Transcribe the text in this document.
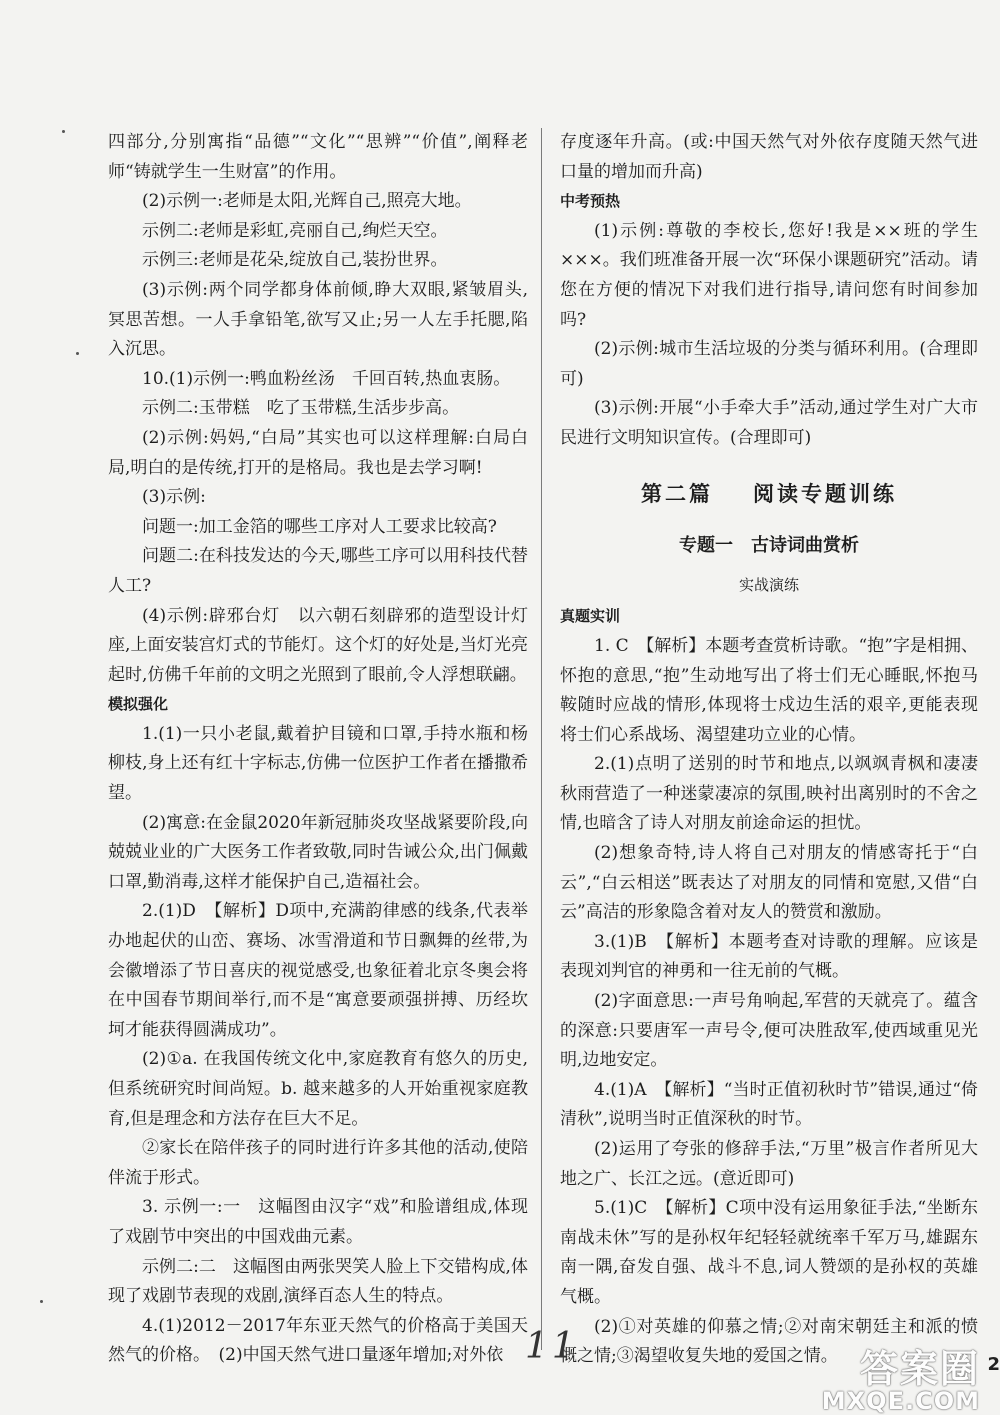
四部分,分别寓指“品德”“文化”“思辨”“价值”,阐释老师“铸就学生一生财富”的作用。

(2)示例一:老师是太阳,光辉自己,照亮大地。

示例二:老师是彩虹,亮丽自己,绚烂天空。

示例三:老师是花朵,绽放自己,装扮世界。

(3)示例:两个同学都身体前倾,睁大双眼,紧皱眉头,冥思苦想。一人手拿铅笔,欲写又止;另一人左手托腮,陷入沉思。

10.(1)示例一:鸭血粉丝汤　千回百转,热血衷肠。

示例二:玉带糕　吃了玉带糕,生活步步高。

(2)示例:妈妈,“白局”其实也可以这样理解:白局白局,明白的是传统,打开的是格局。我也是去学习啊!

(3)示例:

问题一:加工金箔的哪些工序对人工要求比较高?

问题二:在科技发达的今天,哪些工序可以用科技代替人工?

(4)示例:辟邪台灯　以六朝石刻辟邪的造型设计灯座,上面安装宫灯式的节能灯。这个灯的好处是,当灯光亮起时,仿佛千年前的文明之光照到了眼前,令人浮想联翩。

模拟强化

1.(1)一只小老鼠,戴着护目镜和口罩,手持水瓶和杨柳枝,身上还有红十字标志,仿佛一位医护工作者在播撒希望。

(2)寓意:在金鼠2020年新冠肺炎攻坚战紧要阶段,向兢兢业业的广大医务工作者致敬,同时告诫公众,出门佩戴口罩,勤消毒,这样才能保护自己,造福社会。

2.(1)D　【解析】D项中,充满韵律感的线条,代表举办地起伏的山峦、赛场、冰雪滑道和节日飘舞的丝带,为会徽增添了节日喜庆的视觉感受,也象征着北京冬奥会将在中国春节期间举行,而不是“寓意要顽强拼搏、历经坎坷才能获得圆满成功”。

(2)①a. 在我国传统文化中,家庭教育有悠久的历史,但系统研究时间尚短。b. 越来越多的人开始重视家庭教育,但是理念和方法存在巨大不足。

②家长在陪伴孩子的同时进行许多其他的活动,使陪伴流于形式。

3. 示例一:一　这幅图由汉字“戏”和脸谱组成,体现了戏剧节中突出的中国戏曲元素。

示例二:二　这幅图由两张哭笑人脸上下交错构成,体现了戏剧节表现的戏剧,演绎百态人生的特点。

4.(1)2012－2017年东亚天然气的价格高于美国天然气的价格。　(2)中国天然气进口量逐年增加;对外依

存度逐年升高。(或:中国天然气对外依存度随天然气进口量的增加而升高)

中考预热

(1)示例:尊敬的李校长,您好!我是××班的学生×××。我们班准备开展一次“环保小课题研究”活动。请您在方便的情况下对我们进行指导,请问您有时间参加吗?

(2)示例:城市生活垃圾的分类与循环利用。(合理即可)

(3)示例:开展“小手牵大手”活动,通过学生对广大市民进行文明知识宣传。(合理即可)

第二篇 阅读专题训练

专题一　古诗词曲赏析

实战演练

真题实训

1. C　【解析】本题考查赏析诗歌。“抱”字是相拥、怀抱的意思,“抱”生动地写出了将士们无心睡眠,怀抱马鞍随时应战的情形,体现将士戍边生活的艰辛,更能表现将士们心系战场、渴望建功立业的心情。

2.(1)点明了送别的时节和地点,以飒飒青枫和凄凄秋雨营造了一种迷蒙凄凉的氛围,映衬出离别时的不舍之情,也暗含了诗人对朋友前途命运的担忧。

(2)想象奇特,诗人将自己对朋友的情感寄托于“白云”,“白云相送”既表达了对朋友的同情和宽慰,又借“白云”高洁的形象隐含着对友人的赞赏和激励。

3.(1)B　【解析】本题考查对诗歌的理解。应该是表现刘判官的神勇和一往无前的气概。

(2)字面意思:一声号角响起,军营的天就亮了。蕴含的深意:只要唐军一声号令,便可决胜敌军,使西域重见光明,边地安定。

4.(1)A　【解析】“当时正值初秋时节”错误,通过“倚清秋”,说明当时正值深秋的时节。

(2)运用了夸张的修辞手法,“万里”极言作者所见大地之广、长江之远。(意近即可)

5.(1)C　【解析】C项中没有运用象征手法,“坐断东南战未休”写的是孙权年纪轻轻就统率千军万马,雄踞东南一隅,奋发自强、战斗不息,词人赞颂的是孙权的英雄气概。

(2)①对英雄的仰慕之情;②对南宋朝廷主和派的愤慨之情;③渴望收复失地的爱国之情。

11	2
答案圈
MXQE.COM
